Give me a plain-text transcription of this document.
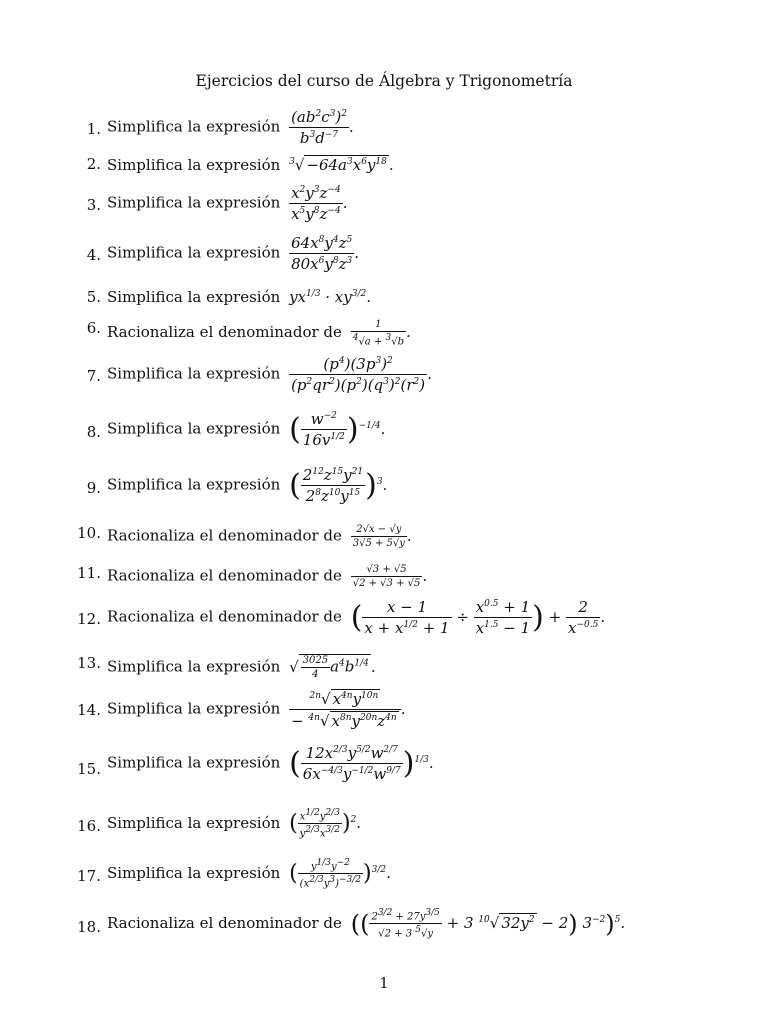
Ejercicios del curso de Álgebra y Trigonometría
1. Simplifica la expresión $\frac{(ab^2c^3)^2}{b^3d^{-7}}$ .
2. Simplifica la expresión $^3√ -64a^3x^6y^{18}$ .
3. Simplifica la expresión $\frac{x^2y^3z^{-4}}{x^5y^8z^{-4}}$ .
4. Simplifica la expresión $\frac{64x^8y^4z^5}{80x^6y^8z^3}$ .
5. Simplifica la expresión $yx^{1/3} \cdot xy^{3/2}$.
6. Racionaliza el denominador de $\frac{1}{^4√a + ^3√b}$ .
7. Simplifica la expresión $\frac{(p^4)(3p^3)^2}{(p^2qr^2)(p^2)(q^3)^2(r^2)}$ .
8. Simplifica la expresión ( $\frac{w^{-2}}{16v^{1/2}} )^{-1/4}$.
9. Simplifica la expresión ( $\frac{2^{12}z^{15}y^{21}}{2^8z^{10}y^{15}} )^3$.
10. Racionaliza el denominador de $\frac{2√x - √y}{3√5 + 5√y}$ .
11. Racionaliza el denominador de $\frac{√3 + √5}{√2 + √3 + √5}$ .
12. Racionaliza el denominador de ( $\frac{x - 1}{x + x^{1/2} + 1} \div \frac{x^{0.5} + 1}{x^{1.5} - 1}$ ) + $\frac{2}{x^{-0.5}}$ .
13. Simplifica la expresión √ $\frac{3025}{4} a^4b^{1/4}$ .
14. Simplifica la expresión $\frac{^{2n}√ x^{4n}y^{10n}}{- ^{4n}√ x^{8n}y^{20n}z^{4n}}$ .
15. Simplifica la expresión ( $\frac{12x^{2/3}y^{5/2}w^{2/7}}{6x^{-4/3}y^{-1/2}w^{9/7}} )^{1/3}$.
16. Simplifica la expresión ( $\frac{x^{1/2}y^{2/3}}{y^{2/3}x^{3/2}} )^2$.
17. Simplifica la expresión ( $\frac{y^{1/3}y^{-2}}{(x^{2/3}y^3)^{-3/2}} )^{3/2}$.
18. Racionaliza el denominador de (( $\frac{2^{3/2} + 27y^{3/5}}{√2 + 3 ^5√y} + 3$ $^{10}$√ $32y^2 - 2$) $3^{-2})^5$.
1
